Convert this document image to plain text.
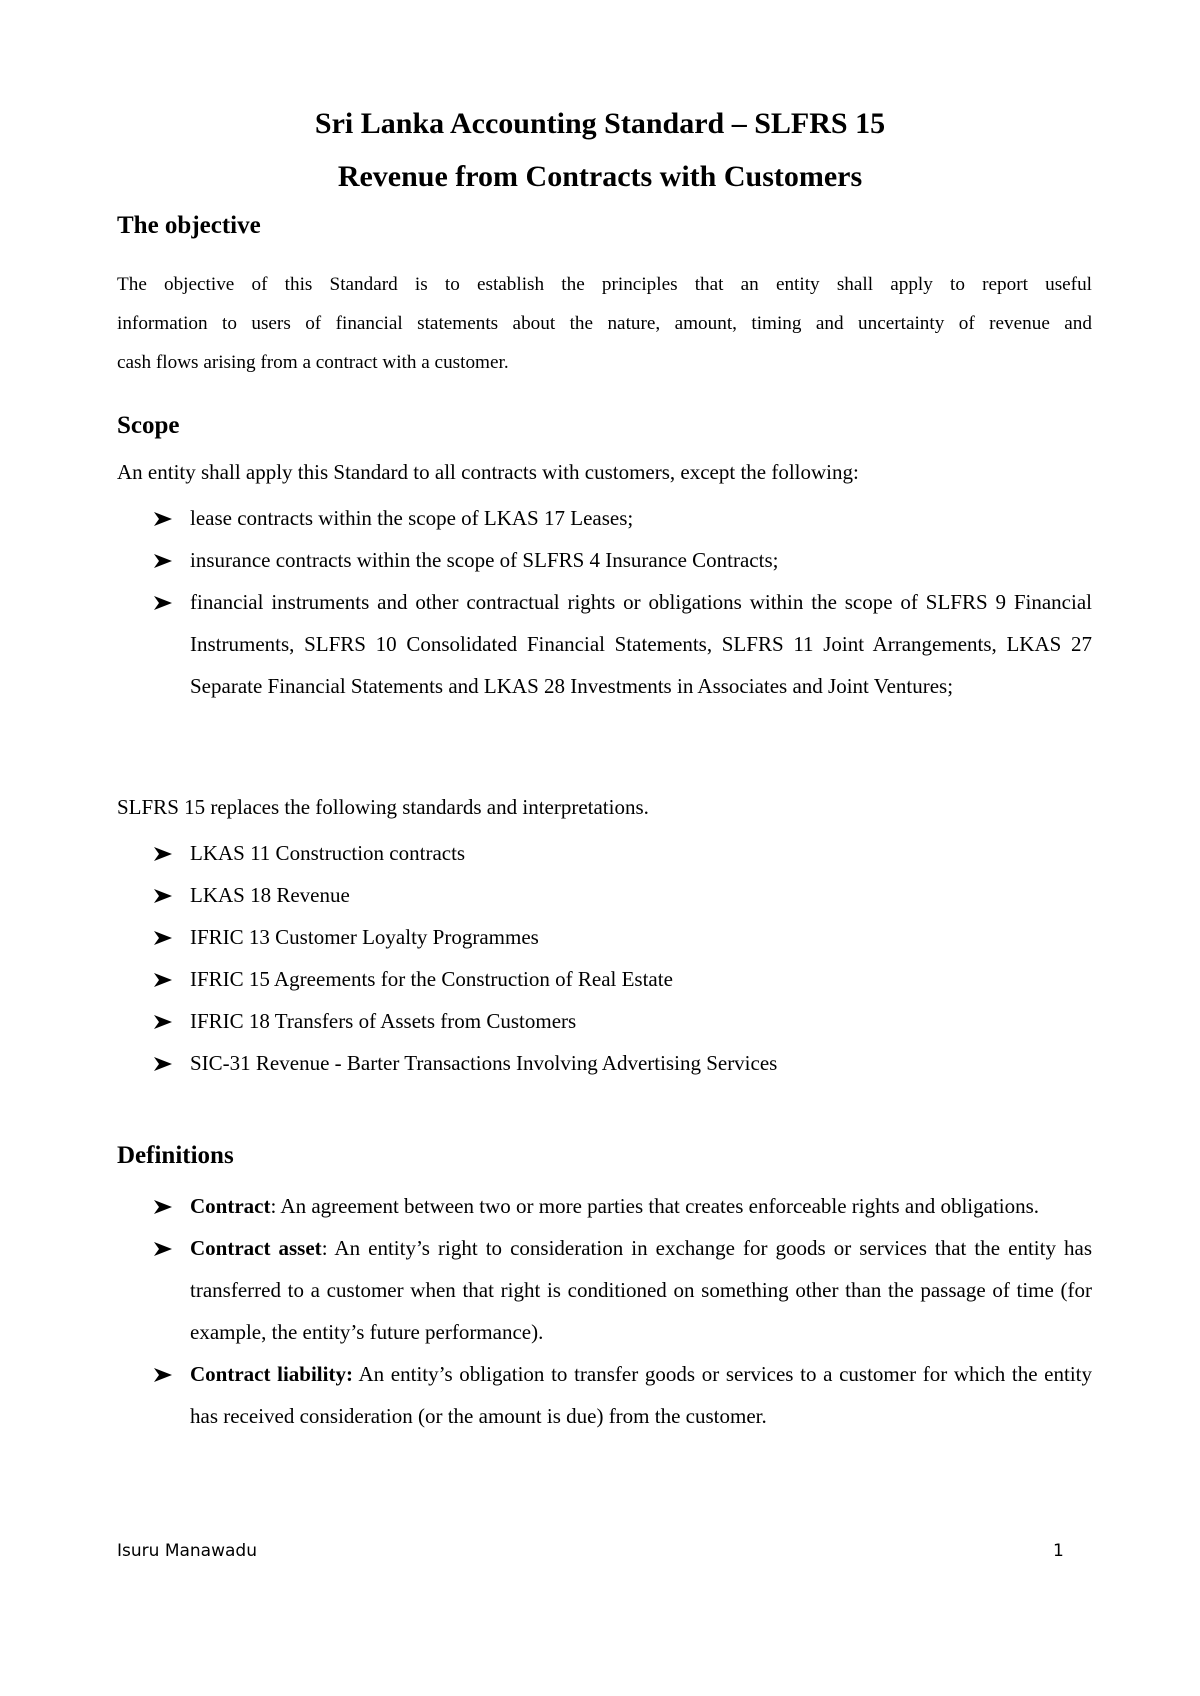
Sri Lanka Accounting Standard – SLFRS 15
Revenue from Contracts with Customers
The objective
The objective of this Standard is to establish the principles that an entity shall apply to report useful
information to users of financial statements about the nature, amount, timing and uncertainty of revenue and
cash flows arising from a contract with a customer.
Scope

An entity shall apply this Standard to all contracts with customers, except the following:

lease contracts within the scope of LKAS 17 Leases;
insurance contracts within the scope of SLFRS 4 Insurance Contracts;
financial instruments and other contractual rights or obligations within the scope of SLFRS 9 Financial Instruments, SLFRS 10 Consolidated Financial Statements, SLFRS 11 Joint Arrangements, LKAS 27 Separate Financial Statements and LKAS 28 Investments in Associates and Joint Ventures;

SLFRS 15 replaces the following standards and interpretations.

LKAS 11 Construction contracts
LKAS 18 Revenue
IFRIC 13 Customer Loyalty Programmes
IFRIC 15 Agreements for the Construction of Real Estate
IFRIC 18 Transfers of Assets from Customers
SIC-31 Revenue - Barter Transactions Involving Advertising Services
Definitions
Contract: An agreement between two or more parties that creates enforceable rights and obligations.
Contract asset: An entity’s right to consideration in exchange for goods or services that the entity has transferred to a customer when that right is conditioned on something other than the passage of time (for example, the entity’s future performance).
Contract liability: An entity’s obligation to transfer goods or services to a customer for which the entity has received consideration (or the amount is due) from the customer.

Isuru Manawadu	1
